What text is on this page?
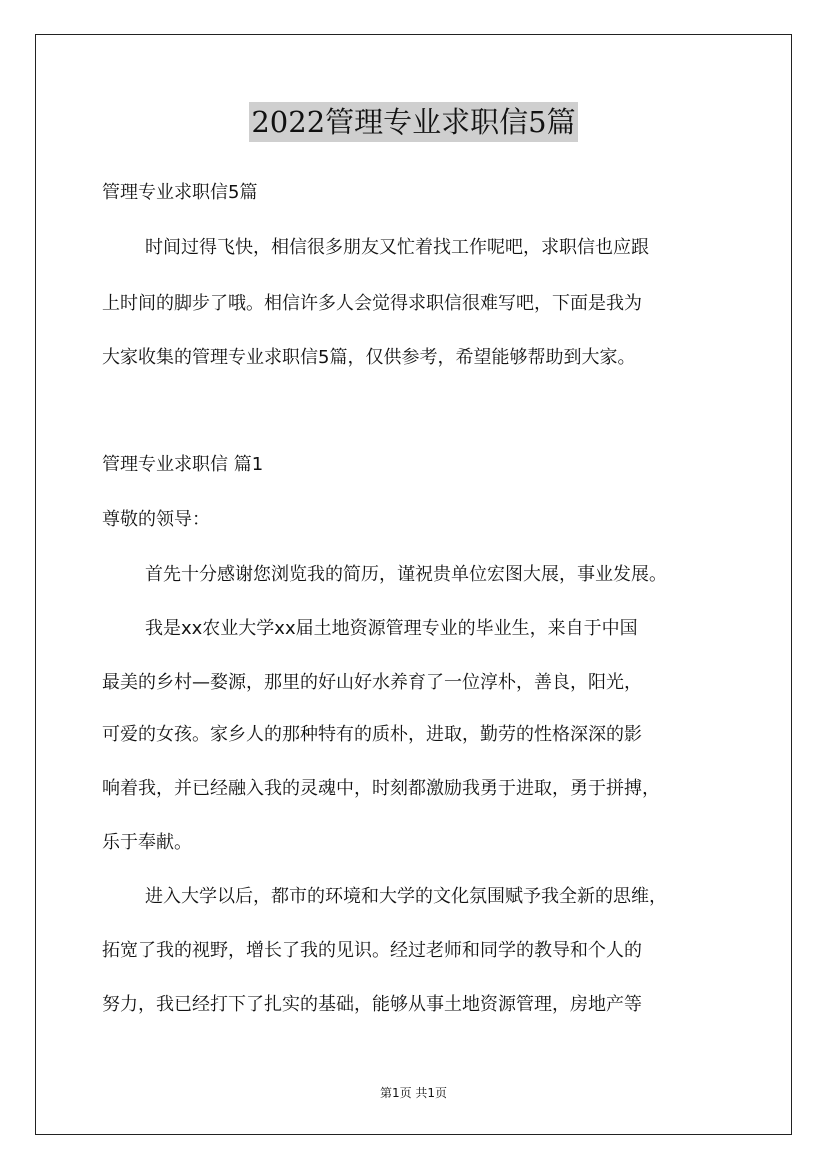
2022管理专业求职信5篇
管理专业求职信5篇
时间过得飞快，相信很多朋友又忙着找工作呢吧，求职信也应跟
上时间的脚步了哦。相信许多人会觉得求职信很难写吧，下面是我为
大家收集的管理专业求职信5篇，仅供参考，希望能够帮助到大家。
管理专业求职信 篇1
尊敬的领导：
首先十分感谢您浏览我的简历，谨祝贵单位宏图大展，事业发展。
我是xx农业大学xx届土地资源管理专业的毕业生，来自于中国
最美的乡村—婺源，那里的好山好水养育了一位淳朴，善良，阳光，
可爱的女孩。家乡人的那种特有的质朴，进取，勤劳的性格深深的影
响着我，并已经融入我的灵魂中，时刻都激励我勇于进取，勇于拼搏，
乐于奉献。
进入大学以后，都市的环境和大学的文化氛围赋予我全新的思维，
拓宽了我的视野，增长了我的见识。经过老师和同学的教导和个人的
努力，我已经打下了扎实的基础，能够从事土地资源管理，房地产等
第1页 共1页
